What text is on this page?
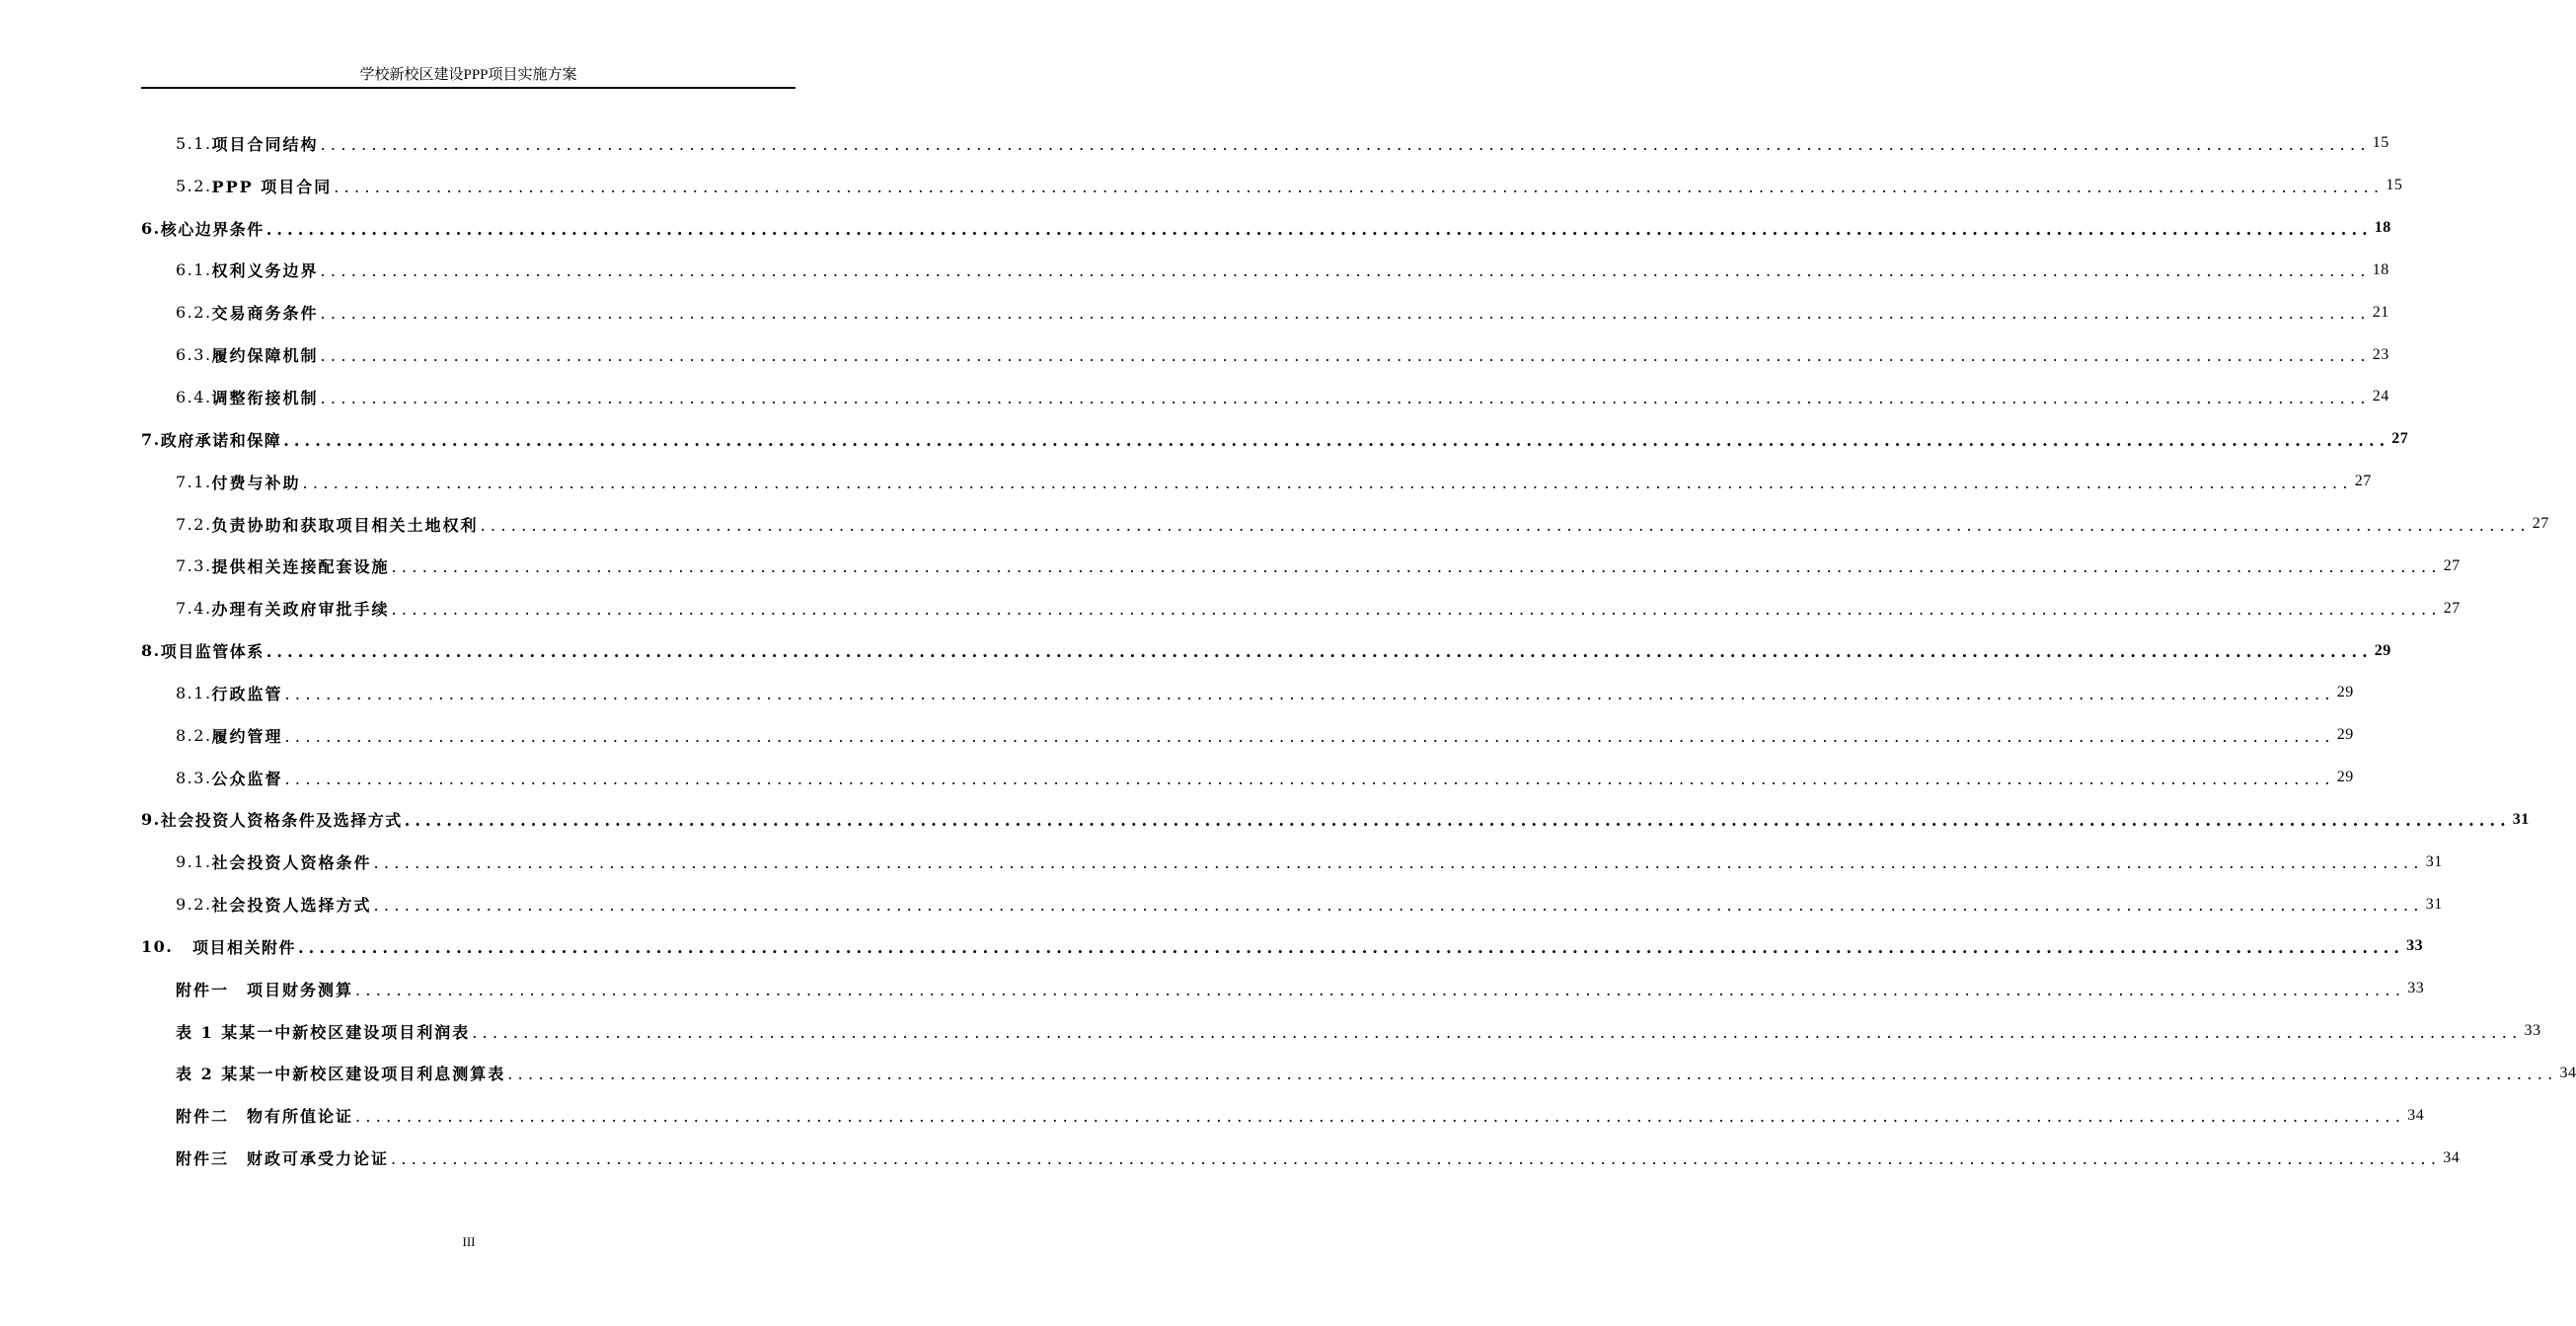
学校新校区建设PPP项目实施方案
5.1. 项目合同结构 ........................................................................................................................................................................................................ 15
5.2. PPP 项目合同 ........................................................................................................................................................................................................ 15
6. 核心边界条件 ........................................................................................................................................................................................................ 18
6.1. 权利义务边界 ........................................................................................................................................................................................................ 18
6.2. 交易商务条件 ........................................................................................................................................................................................................ 21
6.3. 履约保障机制 ........................................................................................................................................................................................................ 23
6.4. 调整衔接机制 ........................................................................................................................................................................................................ 24
7. 政府承诺和保障 ........................................................................................................................................................................................................ 27
7.1. 付费与补助 ........................................................................................................................................................................................................ 27
7.2. 负责协助和获取项目相关土地权利 ........................................................................................................................................................................................................ 27
7.3. 提供相关连接配套设施 ........................................................................................................................................................................................................ 27
7.4. 办理有关政府审批手续 ........................................................................................................................................................................................................ 27
8. 项目监管体系 ........................................................................................................................................................................................................ 29
8.1. 行政监管 ........................................................................................................................................................................................................ 29
8.2. 履约管理 ........................................................................................................................................................................................................ 29
8.3. 公众监督 ........................................................................................................................................................................................................ 29
9. 社会投资人资格条件及选择方式 ........................................................................................................................................................................................................ 31
9.1. 社会投资人资格条件 ........................................................................................................................................................................................................ 31
9.2. 社会投资人选择方式 ........................................................................................................................................................................................................ 31
10.	项目相关附件 ........................................................................................................................................................................................................ 33
附件一　项目财务测算 ........................................................................................................................................................................................................ 33
表 1 某某一中新校区建设项目利润表 ........................................................................................................................................................................................................ 33
表 2 某某一中新校区建设项目利息测算表 ........................................................................................................................................................................................................ 34
附件二　物有所值论证 ........................................................................................................................................................................................................ 34
附件三　财政可承受力论证 ........................................................................................................................................................................................................ 34
III
